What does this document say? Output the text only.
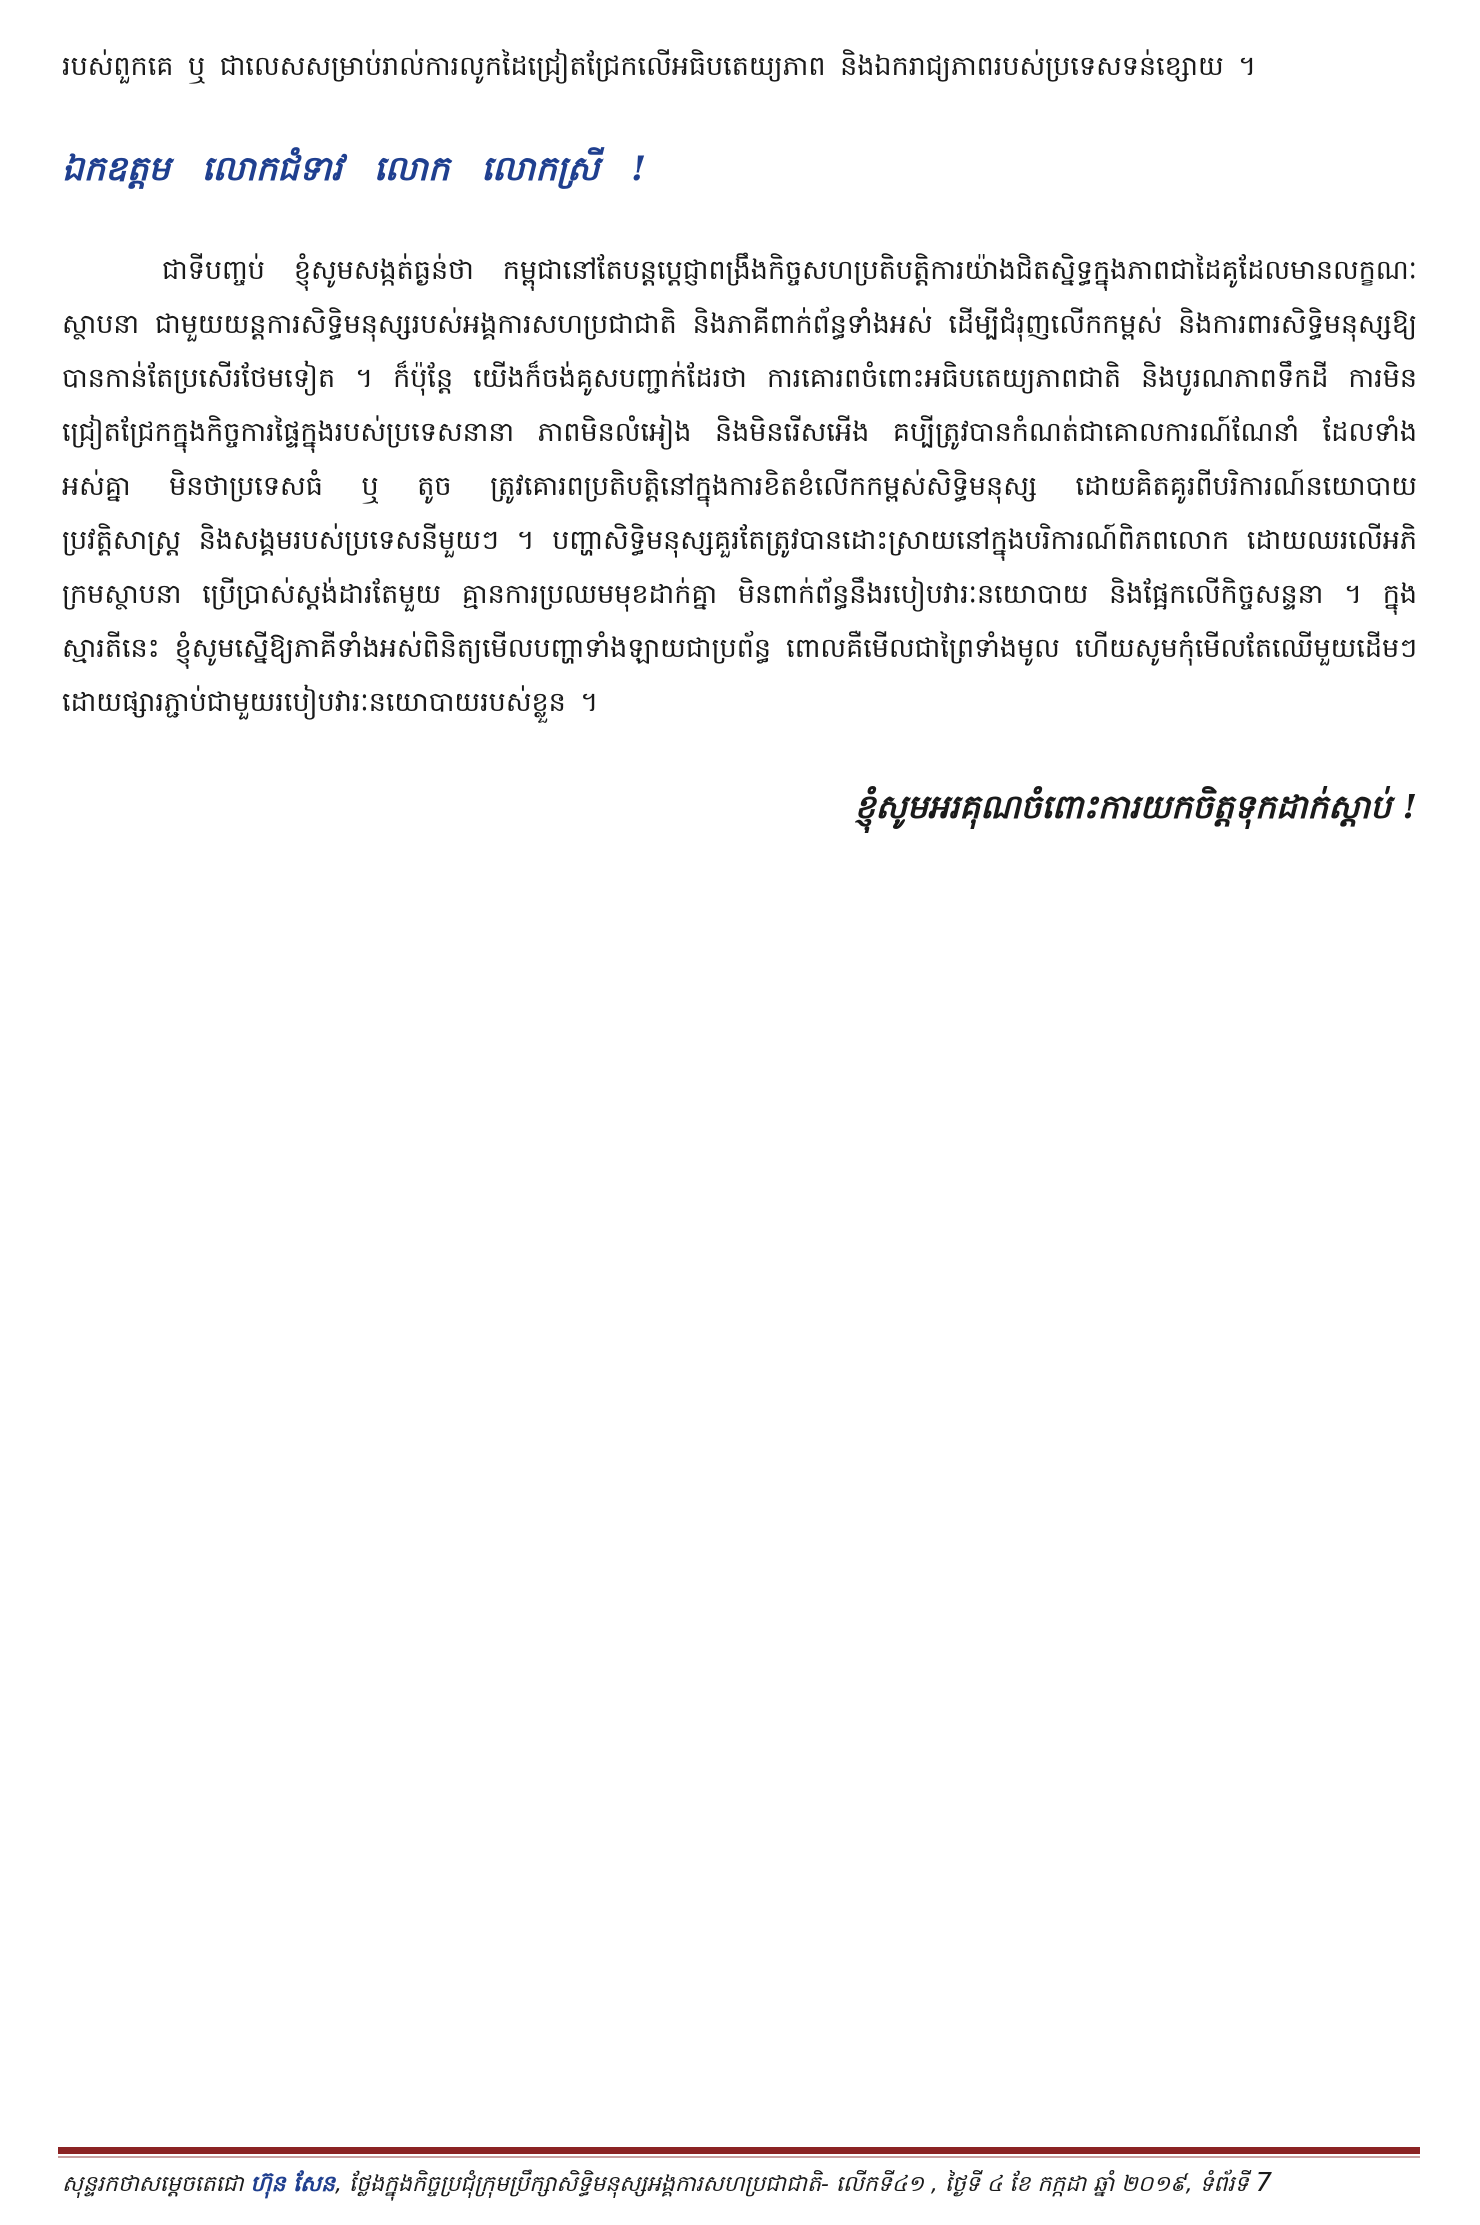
របស់ពួកគេ ឬ ជាលេសសម្រាប់រាល់ការលូកដៃជ្រៀតជ្រែកលើអធិបតេយ្យភាព និងឯករាជ្យភាពរបស់ប្រទេសទន់ខ្សោយ ។

ឯកឧត្តម លោកជំទាវ លោក លោកស្រី !

ជាទីបញ្ចប់ ខ្ញុំសូមសង្កត់ធ្ងន់ថា កម្ពុជានៅតែបន្តប្តេជ្ញាពង្រឹងកិច្ចសហប្រតិបត្តិការយ៉ាងជិតស្និទ្ធក្នុងភាពជាដៃគូដែលមានលក្ខណៈស្ថាបនា ជាមួយយន្តការសិទ្ធិមនុស្សរបស់អង្គការសហប្រជាជាតិ និងភាគីពាក់ព័ន្ធទាំងអស់ ដើម្បីជំរុញលើកកម្ពស់ និងការពារសិទ្ធិមនុស្សឱ្យបានកាន់តែប្រសើរថែមទៀត ។ ក៏ប៉ុន្តែ យើងក៏ចង់គូសបញ្ជាក់ដែរថា ការគោរពចំពោះអធិបតេយ្យភាពជាតិ និងបូរណភាពទឹកដី ការមិនជ្រៀតជ្រែកក្នុងកិច្ចការផ្ទៃក្នុងរបស់ប្រទេសនានា ភាពមិនលំអៀង និងមិនរើសអើង គប្បីត្រូវបានកំណត់ជាគោលការណ៍ណែនាំ ដែលទាំងអស់គ្នា មិនថាប្រទេសធំ ឬ តូច ត្រូវគោរពប្រតិបត្តិនៅក្នុងការខិតខំលើកកម្ពស់សិទ្ធិមនុស្ស ដោយគិតគូរពីបរិការណ៍នយោបាយ ប្រវត្តិសាស្ត្រ និងសង្គមរបស់ប្រទេសនីមួយៗ ។ បញ្ហាសិទ្ធិមនុស្សគួរតែត្រូវបានដោះស្រាយនៅក្នុងបរិការណ៍ពិភពលោក ដោយឈរលើអភិក្រមស្ថាបនា ប្រើប្រាស់ស្តង់ដារតែមួយ គ្មានការប្រឈមមុខដាក់គ្នា មិនពាក់ព័ន្ធនឹងរបៀបវារៈនយោបាយ និងផ្អែកលើកិច្ចសន្ទនា ។ ក្នុងស្មារតីនេះ ខ្ញុំសូមស្នើឱ្យភាគីទាំងអស់ពិនិត្យមើលបញ្ហាទាំងឡាយជាប្រព័ន្ធ ពោលគឺមើលជាព្រៃទាំងមូល ហើយសូមកុំមើលតែឈើមួយដើមៗ ដោយផ្សារភ្ជាប់ជាមួយរបៀបវារៈនយោបាយរបស់ខ្លួន ។

ខ្ញុំសូមអរគុណចំពោះការយកចិត្តទុកដាក់ស្តាប់ !
សុន្ទរកថាសម្តេចតេជោ ហ៊ុន សែន, ថ្លែងក្នុងកិច្ចប្រជុំក្រុមប្រឹក្សាសិទ្ធិមនុស្សអង្គការសហប្រជាជាតិ- លើកទី៤១ , ថ្ងៃទី ៤ ខែ កក្កដា ឆ្នាំ ២០១៩, ទំព័រទី 7
